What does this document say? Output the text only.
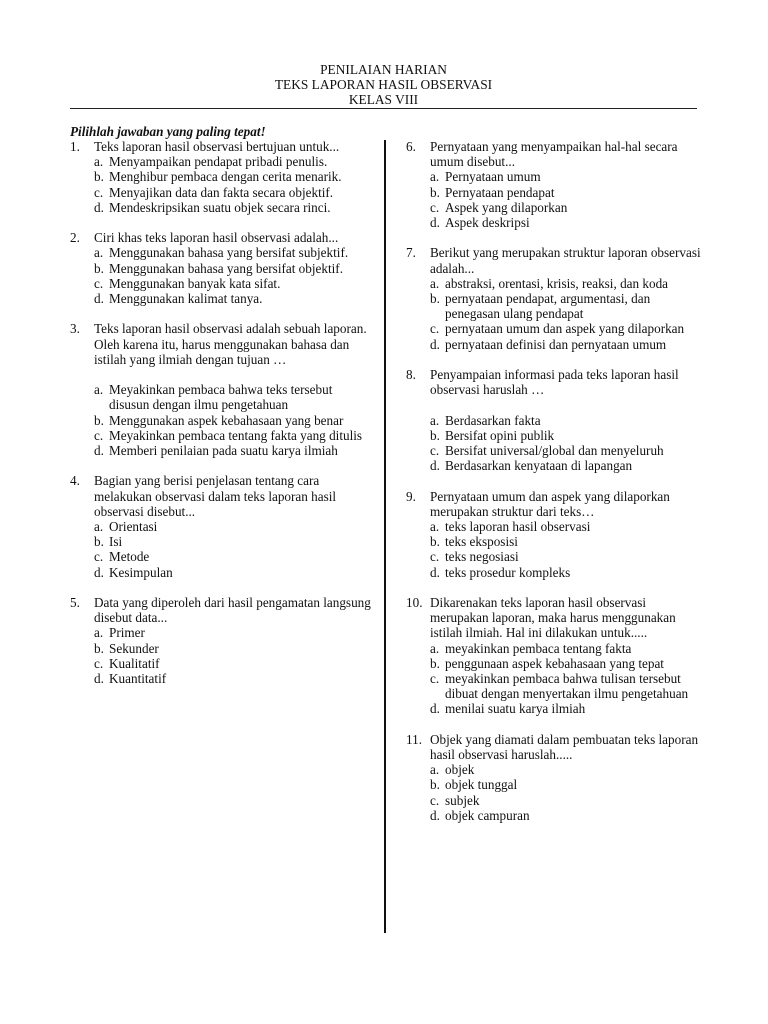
PENILAIAN HARIAN
TEKS LAPORAN HASIL OBSERVASI
KELAS VIII
Pilihlah jawaban yang paling tepat!
1.	Teks laporan hasil observasi bertujuan untuk...
a. Menyampaikan pendapat pribadi penulis.
b. Menghibur pembaca dengan cerita menarik.
c. Menyajikan data dan fakta secara objektif.
d. Mendeskripsikan suatu objek secara rinci.
2.	Ciri khas teks laporan hasil observasi adalah...
a. Menggunakan bahasa yang bersifat subjektif.
b. Menggunakan bahasa yang bersifat objektif.
c. Menggunakan banyak kata sifat.
d. Menggunakan kalimat tanya.
3.	Teks laporan hasil observasi adalah sebuah laporan. Oleh karena itu, harus menggunakan bahasa dan istilah yang ilmiah dengan tujuan …
a. Meyakinkan pembaca bahwa teks tersebut disusun dengan ilmu pengetahuan
b. Menggunakan aspek kebahasaan yang benar
c. Meyakinkan pembaca tentang fakta yang ditulis
d. Memberi penilaian pada suatu karya ilmiah
4.	Bagian yang berisi penjelasan tentang cara melakukan observasi dalam teks laporan hasil observasi disebut...
a. Orientasi
b. Isi
c. Metode
d. Kesimpulan
5.	Data yang diperoleh dari hasil pengamatan langsung disebut data...
a. Primer
b. Sekunder
c. Kualitatif
d. Kuantitatif
6.	Pernyataan yang menyampaikan hal-hal secara umum disebut...
a. Pernyataan umum
b. Pernyataan pendapat
c. Aspek yang dilaporkan
d. Aspek deskripsi
7.	Berikut yang merupakan struktur laporan observasi adalah...
a. abstraksi, orentasi, krisis, reaksi, dan koda
b. pernyataan pendapat, argumentasi, dan penegasan ulang pendapat
c. pernyataan umum dan aspek yang dilaporkan
d. pernyataan definisi dan pernyataan umum
8.	Penyampaian informasi pada teks laporan hasil observasi haruslah …
a. Berdasarkan fakta
b. Bersifat opini publik
c. Bersifat universal/global dan menyeluruh
d. Berdasarkan kenyataan di lapangan
9.	Pernyataan umum dan aspek yang dilaporkan merupakan struktur dari teks…
a. teks laporan hasil observasi
b. teks eksposisi
c. teks negosiasi
d. teks prosedur kompleks
10. Dikarenakan teks laporan hasil observasi merupakan laporan, maka harus menggunakan istilah ilmiah. Hal ini dilakukan untuk.....
a. meyakinkan pembaca tentang fakta
b. penggunaan aspek kebahasaan yang tepat
c. meyakinkan pembaca bahwa tulisan tersebut dibuat dengan menyertakan ilmu pengetahuan
d. menilai suatu karya ilmiah
11. Objek yang diamati dalam pembuatan teks laporan hasil observasi haruslah.....
a. objek
b. objek tunggal
c. subjek
d. objek campuran
